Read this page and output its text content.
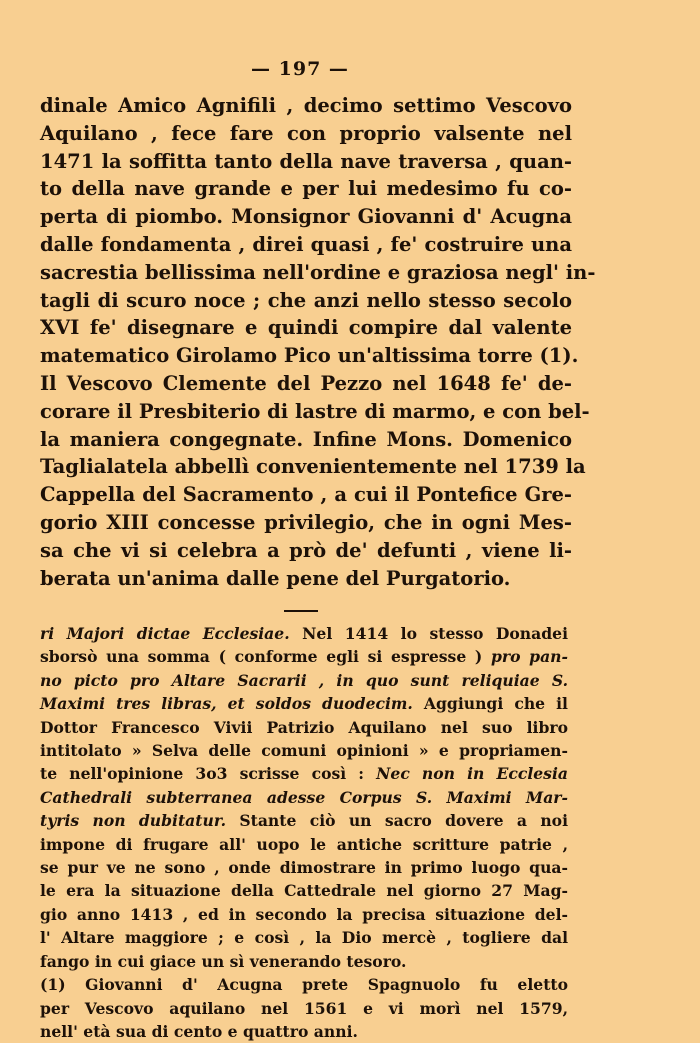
— 197 —
dinale Amico Agnifili , decimo settimo Vescovo
Aquilano , fece fare con proprio valsente nel
1471 la soffitta tanto della nave traversa , quan-
to della nave grande e per lui medesimo fu co-
perta di piombo. Monsignor Giovanni d' Acugna
dalle fondamenta , direi quasi , fe' costruire una
sacrestia bellissima nell'ordine e graziosa negl' in-
tagli di scuro noce ; che anzi nello stesso secolo
XVI fe' disegnare e quindi compire dal valente
matematico Girolamo Pico un'altissima torre (1).
Il Vescovo Clemente del Pezzo nel 1648 fe' de-
corare il Presbiterio di lastre di marmo, e con bel-
la maniera congegnate. Infine Mons. Domenico
Taglialatela abbellì convenientemente nel 1739 la
Cappella del Sacramento , a cui il Pontefice Gre-
gorio XIII concesse privilegio, che in ogni Mes-
sa che vi si celebra a prò de' defunti , viene li-
berata un'anima dalle pene del Purgatorio.
ri Majori dictae Ecclesiae. Nel 1414 lo stesso Donadei
sborsò una somma ( conforme egli si espresse ) pro pan-
no picto pro Altare Sacrarii , in quo sunt reliquiae S.
Maximi tres libras, et soldos duodecim. Aggiungi che il
Dottor Francesco Vivii Patrizio Aquilano nel suo libro
intitolato » Selva delle comuni opinioni » e propriamen-
te nell'opinione 3o3 scrisse così : Nec non in Ecclesia
Cathedrali subterranea adesse Corpus S. Maximi Mar-
tyris non dubitatur. Stante ciò un sacro dovere a noi
impone di frugare all' uopo le antiche scritture patrie ,
se pur ve ne sono , onde dimostrare in primo luogo qua-
le era la situazione della Cattedrale nel giorno 27 Mag-
gio anno 1413 , ed in secondo la precisa situazione del-
l' Altare maggiore ; e così , la Dio mercè , togliere dal
fango in cui giace un sì venerando tesoro.
(1) Giovanni d' Acugna prete Spagnuolo fu eletto
per Vescovo aquilano nel 1561 e vi morì nel 1579,
nell' età sua di cento e quattro anni.
